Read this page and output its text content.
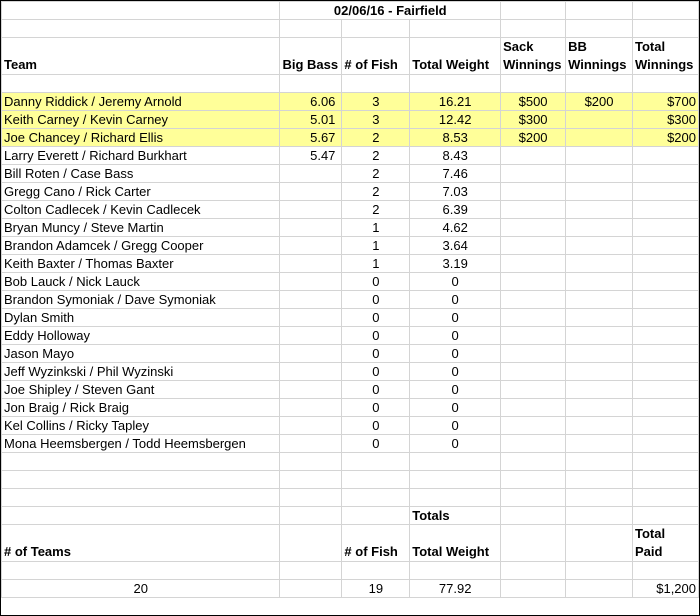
	02/06/16 - Fairfield					

Team	Big Bass	# of Fish	Total Weight	Sack Winnings	BB Winnings	Total Winnings

Danny Riddick / Jeremy Arnold	6.06	3	16.21	$500	$200	$700
Keith Carney / Kevin Carney	5.01	3	12.42	$300		$300
Joe Chancey / Richard Ellis	5.67	2	8.53	$200		$200
Larry Everett / Richard Burkhart	5.47	2	8.43			
Bill Roten / Case Bass		2	7.46			
Gregg Cano / Rick Carter		2	7.03			
Colton Cadlecek / Kevin Cadlecek		2	6.39			
Bryan Muncy / Steve Martin		1	4.62			
Brandon Adamcek / Gregg Cooper		1	3.64			
Keith Baxter / Thomas Baxter		1	3.19			
Bob Lauck / Nick Lauck		0	0			
Brandon Symoniak / Dave Symoniak		0	0			
Dylan Smith		0	0			
Eddy Holloway		0	0			
Jason Mayo		0	0			
Jeff Wyzinkski / Phil Wyzinski		0	0			
Joe Shipley / Steven Gant		0	0			
Jon Braig / Rick Braig		0	0			
Kel Collins / Ricky Tapley		0	0			
Mona Heemsbergen / Todd Heemsbergen		0	0			

			Totals			
# of Teams		# of Fish	Total Weight			Total Paid

20		19	77.92			$1,200
